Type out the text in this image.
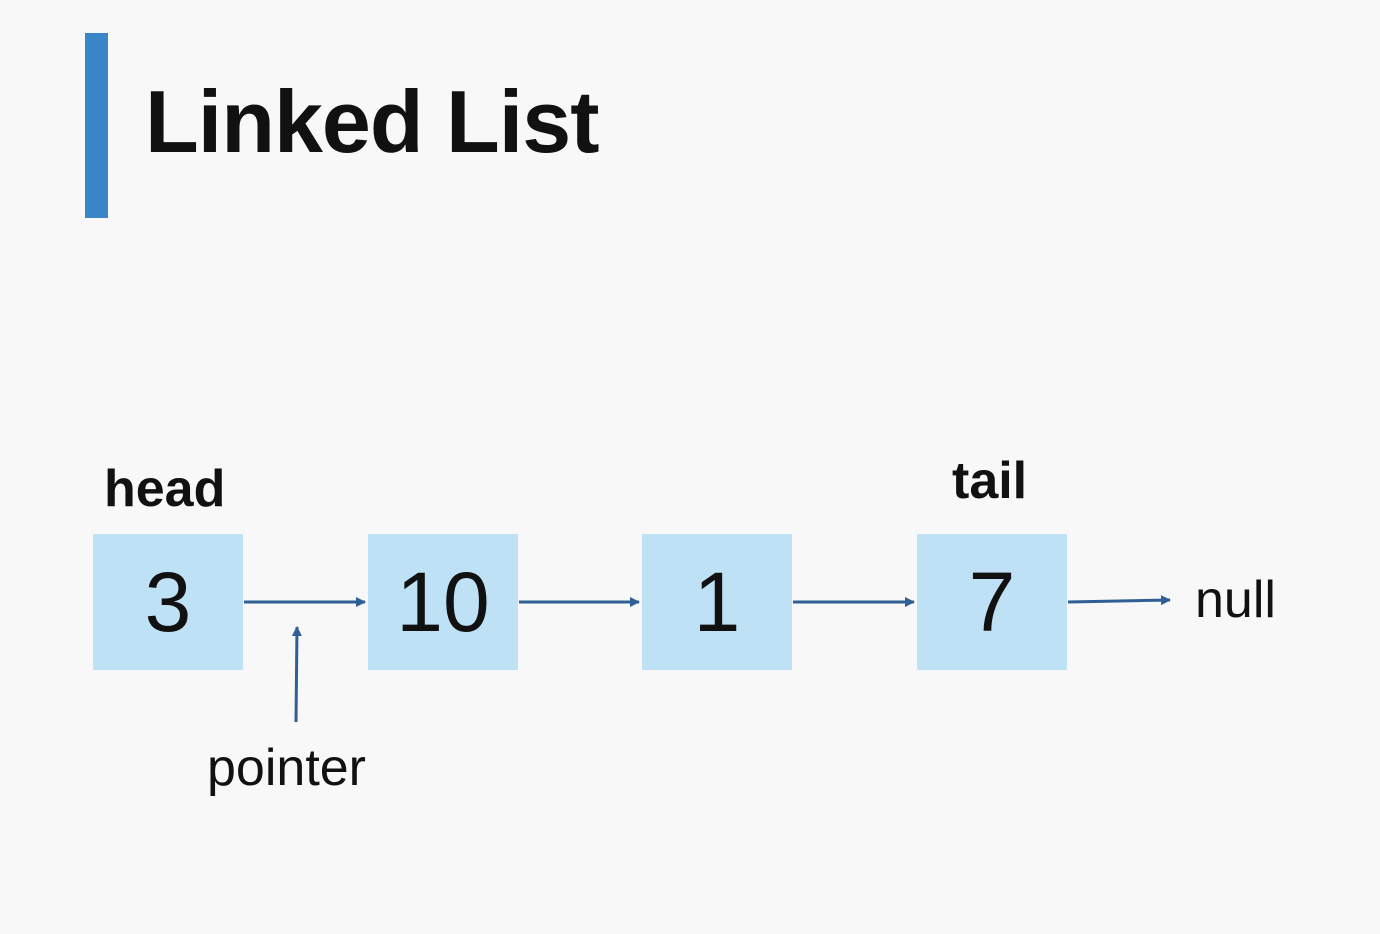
Linked List
head	tail
3	10	1	7	null
pointer
